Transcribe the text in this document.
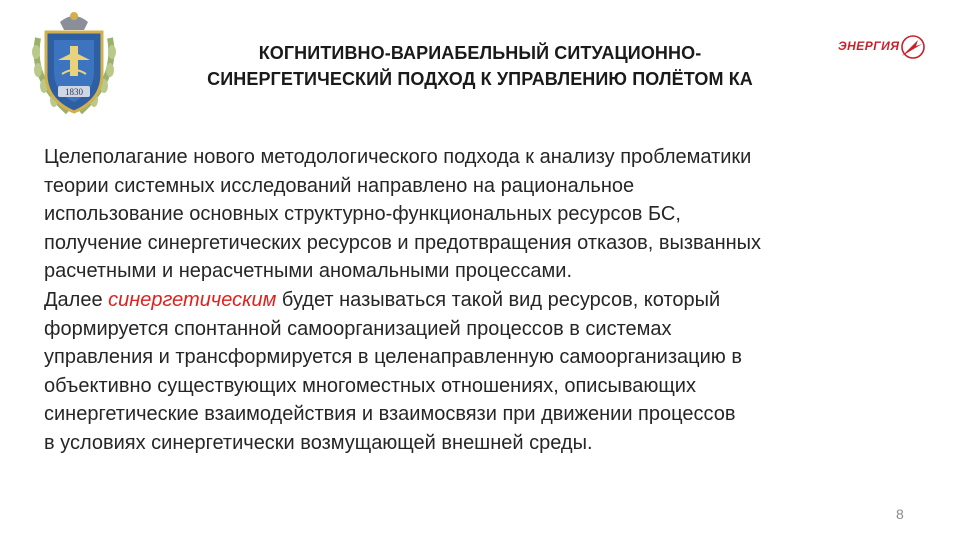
1830
КОГНИТИВНО-ВАРИАБЕЛЬНЫЙ СИТУАЦИОННО-
СИНЕРГЕТИЧЕСКИЙ ПОДХОД К УПРАВЛЕНИЮ ПОЛЁТОМ КА
ЭНЕРГИЯ
Целеполагание нового методологического подхода к анализу проблематики
теории системных исследований направлено на рациональное
использование основных структурно-функциональных ресурсов БС,
получение синергетических ресурсов и предотвращения отказов, вызванных
расчетными и нерасчетными аномальными процессами.
Далее синергетическим будет называться такой вид ресурсов, который
формируется спонтанной самоорганизацией процессов в системах
управления и трансформируется в целенаправленную самоорганизацию в
объективно существующих многоместных отношениях, описывающих
синергетические взаимодействия и взаимосвязи при движении процессов
в условиях синергетически возмущающей внешней среды.
8
